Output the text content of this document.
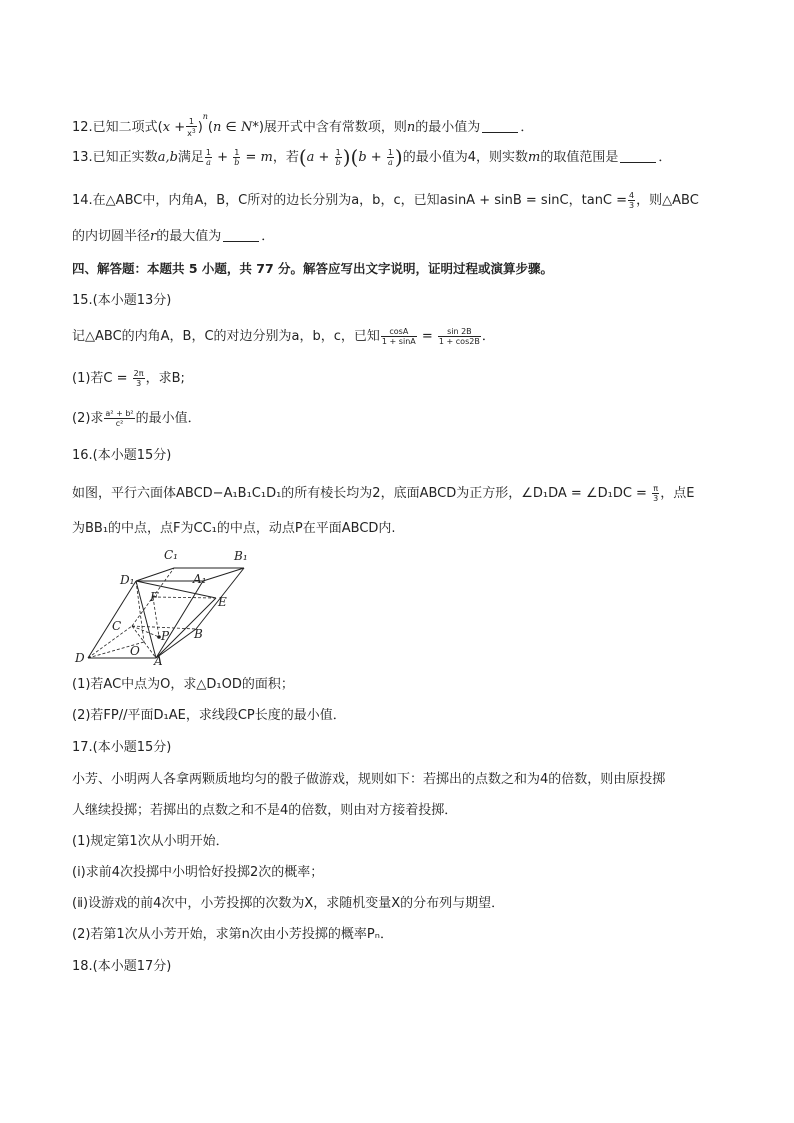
12.已知二项式$(x + \frac{1}{x^3} )^n(n$ ∈ N*)展开式中含有常数项，则n的最小值为	．
13.已知正实数a,b满足 $\frac{1}{a} + \frac{1}{b} = m$，若$(a + \frac{1}{b} )(b + \frac{1}{a}$ )的最小值为4，则实数m的取值范围是	．
14.在△ABC中，内角A，B，C所对的边长分别为a，b，c，已知asinA + sinB = sinC，$\tan C = \frac{4}{3}$ ，则△ABC
的内切圆半径r的最大值为	．
四、解答题：本题共 5 小题，共 77 分。解答应写出文字说明，证明过程或演算步骤。
15.(本小题13分)
记△ABC的内角A，B，C的对边分别为a，b，c，已知 $\frac{\cos A}{1 + \sin A} = \frac{\sin 2B}{1 + \cos 2B}$ ．
(1)若$C = \frac{2\pi}{3}$ ，求B;
(2)求 $\frac{\text{a² + b²}}{\text{c²}}$ 的最小值．
16.(本小题15分)
如图，平行六面体ABCD−A₁B₁C₁D₁的所有棱长均为2，底面ABCD为正方形，∠D₁DA = ∠D₁DC = $\frac{\pi}{3}$ ，点E
为BB₁的中点，点F为CC₁的中点，动点P在平面ABCD内.
C₁	B₁
D₁	A₁
F	E
C
P B
O
D	A
(1)若AC中点为O，求△D₁OD的面积；
(2)若FP//平面D₁AE，求线段CP长度的最小值．
17.(本小题15分)
小芳、小明两人各拿两颗质地均匀的骰子做游戏，规则如下：若掷出的点数之和为4的倍数，则由原投掷
人继续投掷；若掷出的点数之和不是4的倍数，则由对方接着投掷．
(1)规定第1次从小明开始．
(ⅰ)求前4次投掷中小明恰好投掷2次的概率；
(ⅱ)设游戏的前4次中，小芳投掷的次数为X，求随机变量X的分布列与期望．
(2)若第1次从小芳开始，求第n次由小芳投掷的概率Pₙ．
18.(本小题17分)
